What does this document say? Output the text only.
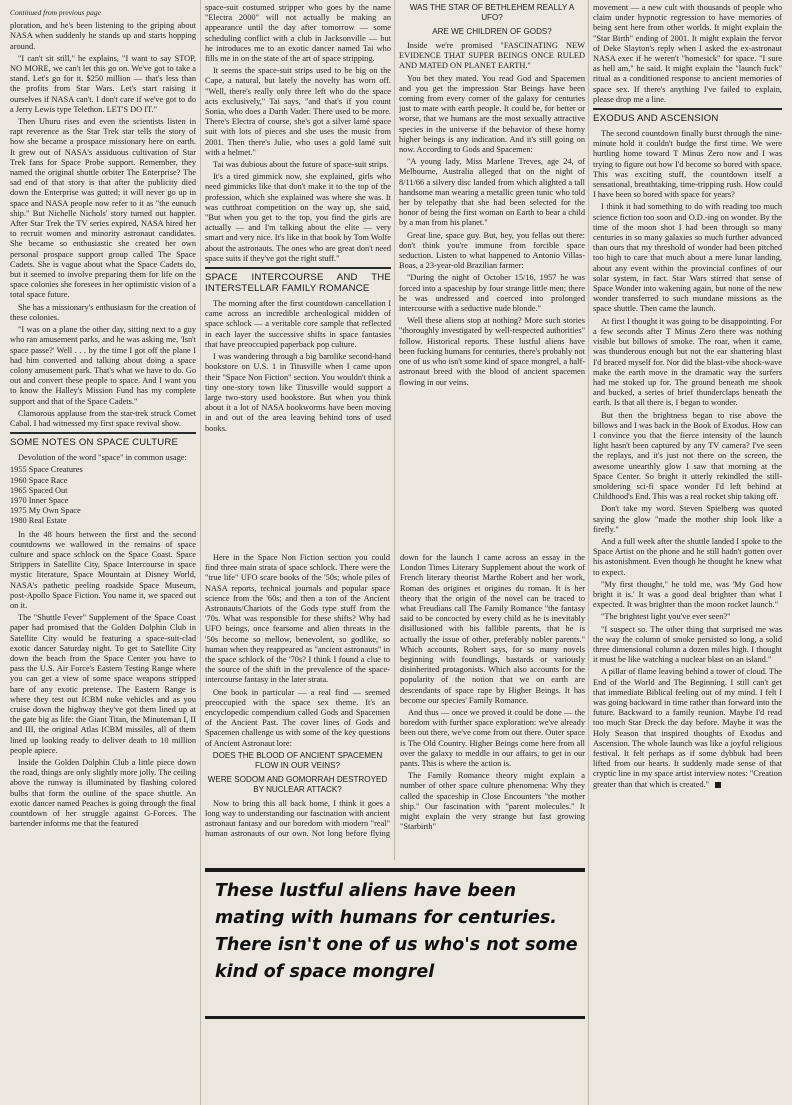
Continued from previous page

ploration, and he's been listening to the griping about NASA when suddenly he stands up and starts hopping around.

"I can't sit still," he explains, "I want to say STOP, NO MORE, we can't let this go on. We've got to take a stand. Let's go for it. $250 million — that's less than the profits from Star Wars. Let's start raising it ourselves if NASA can't. I don't care if we've got to do a Jerry Lewis type Telethon. LET'S DO IT."

Then Uhuru rises and even the scientists listen in rapt reverence as the Star Trek star tells the story of how she became a prospace missionary here on earth. It grew out of NASA's assiduous cultivation of Star Trek fans for Space Probe support. Remember, they named the original shuttle orbiter The Enterprise? The sad end of that story is that after the publicity died down the Enterprise was gutted; it will never go up in space and NASA people now refer to it as "the eunuch ship." But Nichelle Nichols' story turned out happier. After Star Trek the TV series expired, NASA hired her to recruit women and minority astronaut candidates. She became so enthusiastic she created her own personal prospace support group called The Space Cadets. She is vague about what the Space Cadets do, but it seemed to involve preparing them for life on the space colonies she foresees in her optimistic vision of a total space future.

She has a missionary's enthusiasm for the creation of these colonies.

"I was on a plane the other day, sitting next to a guy who ran amusement parks, and he was asking me, 'Isn't space passe?' Well . . . by the time I got off the plane I had him converted and talking about doing a space colony amusement park. That's what we have to do. Go out and convert these people to space. And I want you to know the Halley's Mission Fund has my complete support and that of the Space Cadets."

Clamorous applause from the star-trek struck Comet Cabal. I had witnessed my first space revival show.

SOME NOTES ON SPACE CULTURE

Devolution of the word "space" in common usage:

1955 Space Creatures
1960 Space Race
1965 Spaced Out
1970 Inner Space
1975 My Own Space
1980 Real Estate

In the 48 hours between the first and the second countdowns we wallowed in the remains of space culture and space schlock on the Space Coast. Space Strippers in Satellite City, Space Intercourse in space mystic literature, Space Mountain at Disney World, NASA's pathetic peeling roadside Space Museum, post-Apollo Space Fiction. You name it, we spaced out on it.

The "Shuttle Fever" Supplement of the Space Coast paper had promised that the Golden Dolphin Club in Satellite City would be featuring a space-suit-clad exotic dancer Saturday night. To get to Satellite City down the beach from the Space Center you have to pass the U.S. Air Force's Eastern Testing Range where you can get a view of some space weapons stripped bare of any exotic pretense. The Eastern Range is where they test out ICBM nuke vehicles and as you cruise down the highway they've got them lined up at the gate big as life: the Giant Titan, the Minuteman I, II and III, the original Atlas ICBM missiles, all of them lined up looking ready to deliver death to 10 million people apiece.

Inside the Golden Dolphin Club a little piece down the road, things are only slightly more jolly. The ceiling above the runway is illuminated by flashing colored bulbs that form the outline of the space shuttle. An exotic dancer named Peaches is going through the final countdown of her struggle against G-Forces. The bartender informs me that the featured

space-suit costumed stripper who goes by the name "Electra 2000" will not actually be making an appearance until the day after tomorrow — some scheduling conflict with a club in Jacksonville — but he introduces me to an exotic dancer named Tai who fills me in on the state of the art of space stripping.

It seems the space-suit strips used to be big on the Cape, a natural, but lately the novelty has worn off. "Well, there's really only three left who do the space acts exclusively," Tai says, "and that's if you count Sonia, who does a Darth Vader. There used to be more. There's Electra of course, she's got a silver lamé space suit with lots of pieces and she uses the music from 2001. Then there's Julie, who uses a gold lamé suit with a helmet."

Tai was dubious about the future of space-suit strips.

It's a tired gimmick now, she explained, girls who need gimmicks like that don't make it to the top of the profession, which she explained was where she was. It was cutthroat competition on the way up, she said, "But when you get to the top, you find the girls are actually — and I'm talking about the elite — very smart and very nice. It's like in that book by Tom Wolfe about the astronauts. The ones who are great don't need space suits if they've got the right stuff."

SPACE INTERCOURSE AND THE INTERSTELLAR FAMILY ROMANCE

The morning after the first countdown cancellation I came across an incredible archeological midden of space schlock — a veritable core sample that reflected in each layer the successive shifts in space fantasies that have preoccupied paperback pop culture.

I was wandering through a big barnlike second-hand bookstore on U.S. 1 in Titusville when I came upon their "Space Non Fiction" section. You wouldn't think a tiny one-story town like Titusville would support a large two-story used bookstore. But when you think about it a lot of NASA bookworms have been moving in and out of the area leaving behind tons of used books.

WAS THE STAR OF BETHLEHEM REALLY A UFO?
ARE WE CHILDREN OF GODS?

Inside we're promised "FASCINATING NEW EVIDENCE THAT SUPER BEINGS ONCE RULED AND MATED ON PLANET EARTH."

You bet they mated. You read God and Spacemen and you get the impression Star Beings have been coming from every corner of the galaxy for centuries just to mate with earth people. It could be, for better or worse, that we humans are the most sexually attractive species in the universe if the behavior of these horny higher beings is any indication. And it's still going on now. According to Gods and Spacemen:

"A young lady, Miss Marlene Treves, age 24, of Melbourne, Australia alleged that on the night of 8/11/66 a silvery disc landed from which alighted a tall handsome man wearing a metallic green tunic who told her by telepathy that she had been selected for the honor of being the first woman on Earth to bear a child by a man from his planet."

Great line, space guy. But, hey, you fellas out there: don't think you're immune from forcible space seduction. Listen to what happened to Antonio Villas-Boas, a 23-year-old Brazilian farmer:

"During the night of October 15/16, 1957 he was forced into a spaceship by four strange little men; there he was undressed and coerced into prolonged intercourse with a seductive nude blonde."

Well these aliens stop at nothing? More such stories "thoroughly investigated by well-respected authorities" follow. Historical reports. These lustful aliens have been fucking humans for centuries, there's probably not one of us who isn't some kind of space mongrel, a half-astronaut breed with the blood of ancient spacemen flowing in our veins.

Here in the Space Non Fiction section you could find three main strata of space schlock. There were the "true life" UFO scare books of the '50s; whole piles of NASA reports, technical journals and popular space science from the '60s; and then a ton of the Ancient Astronauts/Chariots of the Gods type stuff from the '70s. What was responsible for these shifts? Why had UFO beings, once fearsome and alien threats in the '50s become so mellow, benevolent, so godlike, so human when they reappeared as "ancient astronauts" in the space schlock of the '70s? I think I found a clue to the source of the shift in the prevalence of the space-intercourse fantasy in the later strata.

One book in particular — a real find — seemed preoccupied with the space sex theme. It's an encyclopedic compendium called Gods and Spacemen of the Ancient Past. The cover lines of Gods and Spacemen challenge us with some of the key questions of Ancient Astronaut lore:

DOES THE BLOOD OF ANCIENT SPACEMEN FLOW IN OUR VEINS?
WERE SODOM AND GOMORRAH DESTROYED BY NUCLEAR ATTACK?

Now to bring this all back home, I think it goes a long way to understanding our fascination with ancient astronaut fantasy and our boredom with modern "real" human astronauts of our own. Not long before flying down for the launch I came across an essay in the London Times Literary Supplement about the work of French literary theorist Marthe Robert and her work, Roman des origines et origines du roman. It is her theory that the origin of the novel can be traced to what Freudians call The Family Romance "the fantasy said to be concocted by every child as he is inevitably disillusioned with his fallible parents, that he is actually the issue of other, preferably nobler parents." Which accounts, Robert says, for so many novels beginning with foundlings, bastards or variously disinherited protagonists. Which also accounts for the popularity of the notion that we on earth are descendants of space rape by Higher Beings. It has become our species' Family Romance.

And thus — once we proved it could be done — the boredom with further space exploration: we've already been out there, we've come from out there. Outer space is The Old Country. Higher Beings come here from all over the galaxy to meddle in our affairs, to get in our pants. This is where the action is.

The Family Romance theory might explain a number of other space culture phenomena: Why they called the spaceship in Close Encounters "the mother ship." Our fascination with "parent molecules." It might explain the very strange but fast growing "Starbirth"

These lustful aliens have been mating with humans for centuries. There isn't one of us who's not some kind of space mongrel

movement — a new cult with thousands of people who claim under hypnotic regression to have memories of being sent here from other worlds. It might explain the "Star Birth" ending of 2001. It might explain the fervor of Deke Slayton's reply when I asked the ex-astronaut NASA exec if he weren't "homesick" for space. "I sure as hell am," he said. It might explain the "launch fuck" ritual as a conditioned response to ancient memories of space sex. If there's anything I've failed to explain, please drop me a line.

EXODUS AND ASCENSION

The second countdown finally burst through the nine-minute hold it couldn't budge the first time. We were hurtling home toward T Minus Zero now and I was trying to figure out how I'd become so bored with space. This was exciting stuff, the countdown itself a sensational, breathtaking, time-tripping rush. How could I have been so bored with space for years?

I think it had something to do with reading too much science fiction too soon and O.D.-ing on wonder. By the time of the moon shot I had been through so many centuries in so many galaxies so much further advanced than ours that my threshold of wonder had been pitched too high to care that much about a mere lunar landing, about any event within the provincial confines of our solar system, in fact. Star Wars stirred that sense of Space Wonder into wakening again, but none of the new wonder transferred to such mundane missions as the space shuttle. Then came the launch.

At first I thought it was going to be disappointing. For a few seconds after T Minus Zero there was nothing visible but billows of smoke. The roar, when it came, was thunderous enough but not the ear shattering blast I'd braced myself for. Nor did the blast-vibe shock-wave make the earth move in the dramatic way the surfers had me stoked up for. The ground beneath me shook and bucked, a series of brief thunderclaps beneath the earth. Is that all there is, I began to wonder.

But then the brightness began to rise above the billows and I was back in the Book of Exodus. How can I convince you that the fierce intensity of the launch light hasn't been captured by any TV camera? I've seen the replays, and it's just not there on the screen, the awesome unearthly glow I saw that morning at the Space Center. So bright it utterly rekindled the still-smoldering sci-fi space wonder I'd left behind at Childhood's End. This was a real rocket ship taking off.

Don't take my word. Steven Spielberg was quoted saying the glow "made the mother ship look like a firefly."

And a full week after the shuttle landed I spoke to the Space Artist on the phone and he still hadn't gotten over his astonishment. Even though he thought he knew what to expect.

"My first thought," he told me, was 'My God how bright it is.' It was a good deal brighter than what I expected. It was brighter than the moon rocket launch."

"The brightest light you've ever seen?"

"I suspect so. The other thing that surprised me was the way the column of smoke persisted so long, a solid three dimensional column a dozen miles high. I thought it must be like watching a nuclear blast on an island."

A pillar of flame leaving behind a tower of cloud. The End of the World and The Beginning. I still can't get that immediate Biblical feeling out of my mind. I felt I was going backward in time rather than forward into the future. Backward to a family reunion. Maybe I'd read too much Star Dreck the day before. Maybe it was the Holy Season that inspired thoughts of Exodus and Ascension. The whole launch was like a joyful religious festival. It felt perhaps as if some dybbuk had been lifted from our hearts. It suddenly made sense of that cryptic line in my space artist interview notes: "Creation greater than that which is created."
